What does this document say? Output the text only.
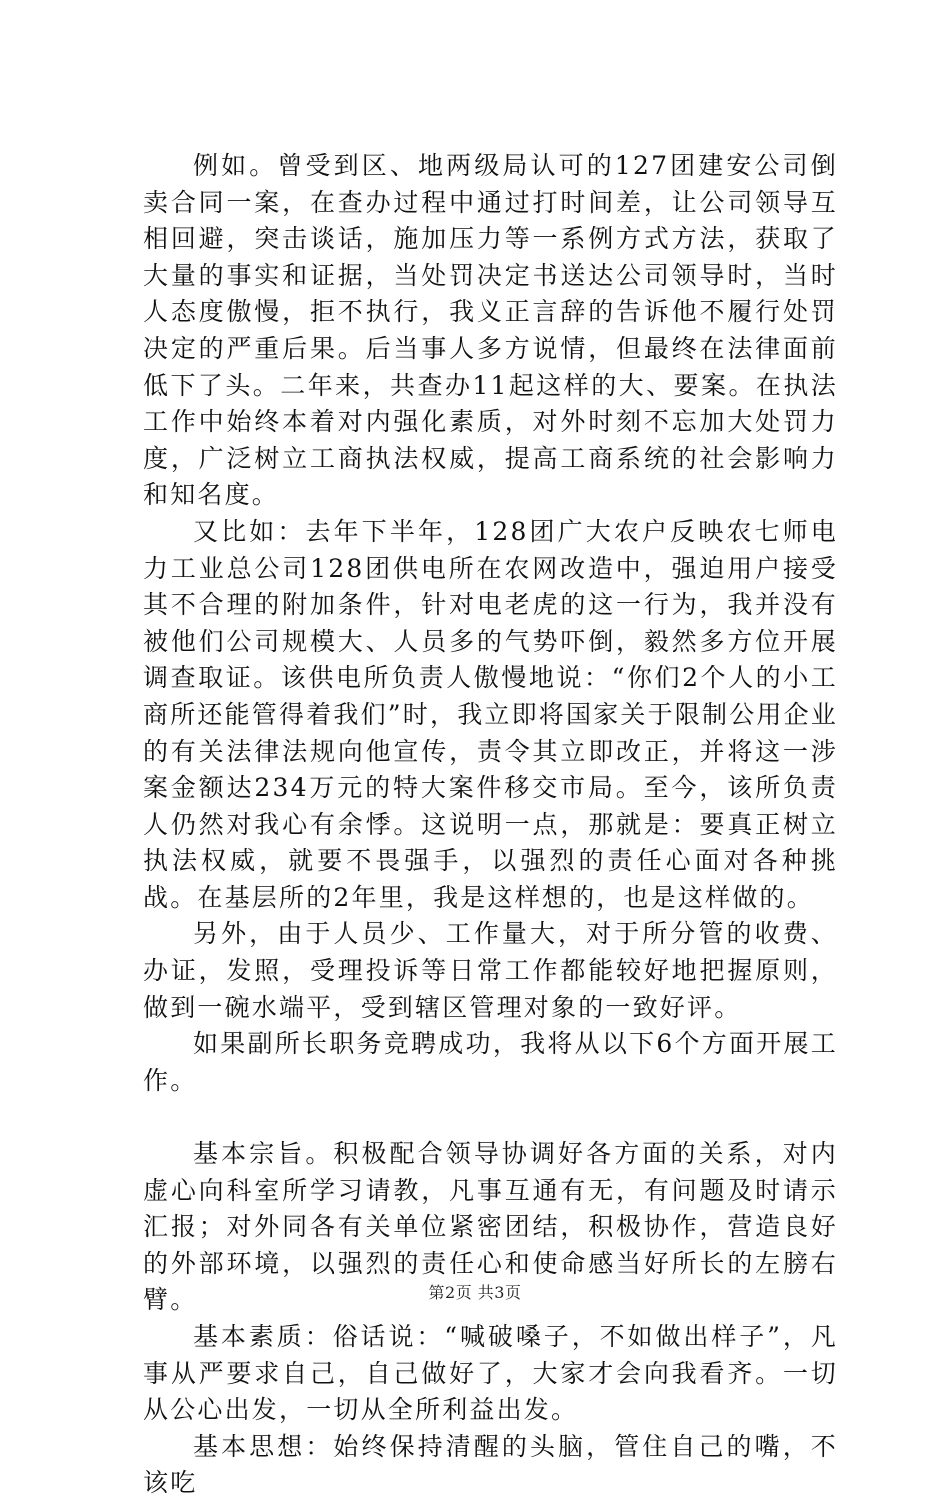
例如。曾受到区、地两级局认可的127团建安公司倒卖合同一案，在查办过程中通过打时间差，让公司领导互相回避，突击谈话，施加压力等一系例方式方法，获取了大量的事实和证据，当处罚决定书送达公司领导时，当时人态度傲慢，拒不执行，我义正言辞的告诉他不履行处罚决定的严重后果。后当事人多方说情，但最终在法律面前低下了头。二年来，共查办11起这样的大、要案。在执法工作中始终本着对内强化素质，对外时刻不忘加大处罚力度，广泛树立工商执法权威，提高工商系统的社会影响力和知名度。

又比如：去年下半年，128团广大农户反映农七师电力工业总公司128团供电所在农网改造中，强迫用户接受其不合理的附加条件，针对电老虎的这一行为，我并没有被他们公司规模大、人员多的气势吓倒，毅然多方位开展调查取证。该供电所负责人傲慢地说：“你们2个人的小工商所还能管得着我们”时，我立即将国家关于限制公用企业的有关法律法规向他宣传，责令其立即改正，并将这一涉案金额达234万元的特大案件移交市局。至今，该所负责人仍然对我心有余悸。这说明一点，那就是：要真正树立执法权威，就要不畏强手，以强烈的责任心面对各种挑战。在基层所的2年里，我是这样想的，也是这样做的。

另外，由于人员少、工作量大，对于所分管的收费、办证，发照，受理投诉等日常工作都能较好地把握原则，做到一碗水端平，受到辖区管理对象的一致好评。

如果副所长职务竞聘成功，我将从以下6个方面开展工作。

基本宗旨。积极配合领导协调好各方面的关系，对内虚心向科室所学习请教，凡事互通有无，有问题及时请示汇报；对外同各有关单位紧密团结，积极协作，营造良好的外部环境，以强烈的责任心和使命感当好所长的左膀右臂。

基本素质：俗话说：“喊破嗓子，不如做出样子”，凡事从严要求自己，自己做好了，大家才会向我看齐。一切从公心出发，一切从全所利益出发。

基本思想：始终保持清醒的头脑，管住自己的嘴，不该吃

第2页 共3页
